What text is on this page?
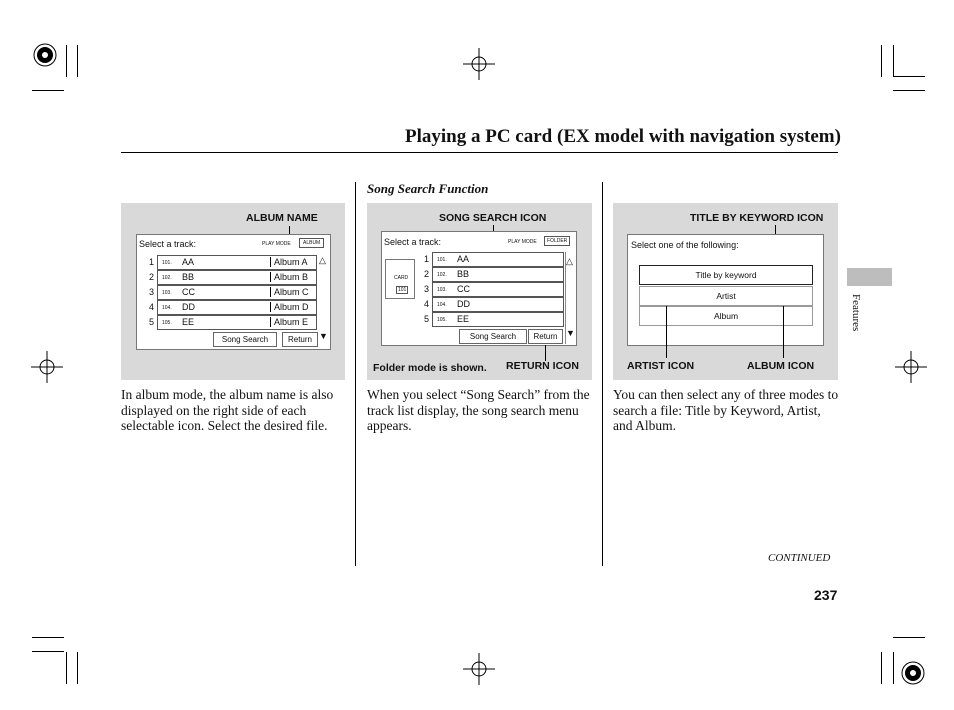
Playing a PC card (EX model with navigation system)
Song Search Function
ALBUM NAME
Select a track:	PLAY MODE	ALBUM
1 101. AA	Album A
2 102. BB	Album B
3 103. CC	Album C
4 104. DD	Album D
5 105. EE	Album E
△
▼
Song Search	Return
SONG SEARCH ICON
Select a track:	PLAY MODE	FOLDER
CARD
101
1 101. AA
2 102. BB
3 103. CC
4 104. DD
5 105. EE
△
▼
Song Search	Return
Folder mode is shown. RETURN ICON
TITLE BY KEYWORD ICON
Select one of the following:
Title by keyword
Artist
Album
ARTIST ICON	ALBUM ICON
In album mode, the album name is also displayed on the right side of each selectable icon. Select the desired file.
When you select “Song Search” from the track list display, the song search menu appears.
You can then select any of three modes to search a file: Title by Keyword, Artist, and Album.
Features
CONTINUED
237
